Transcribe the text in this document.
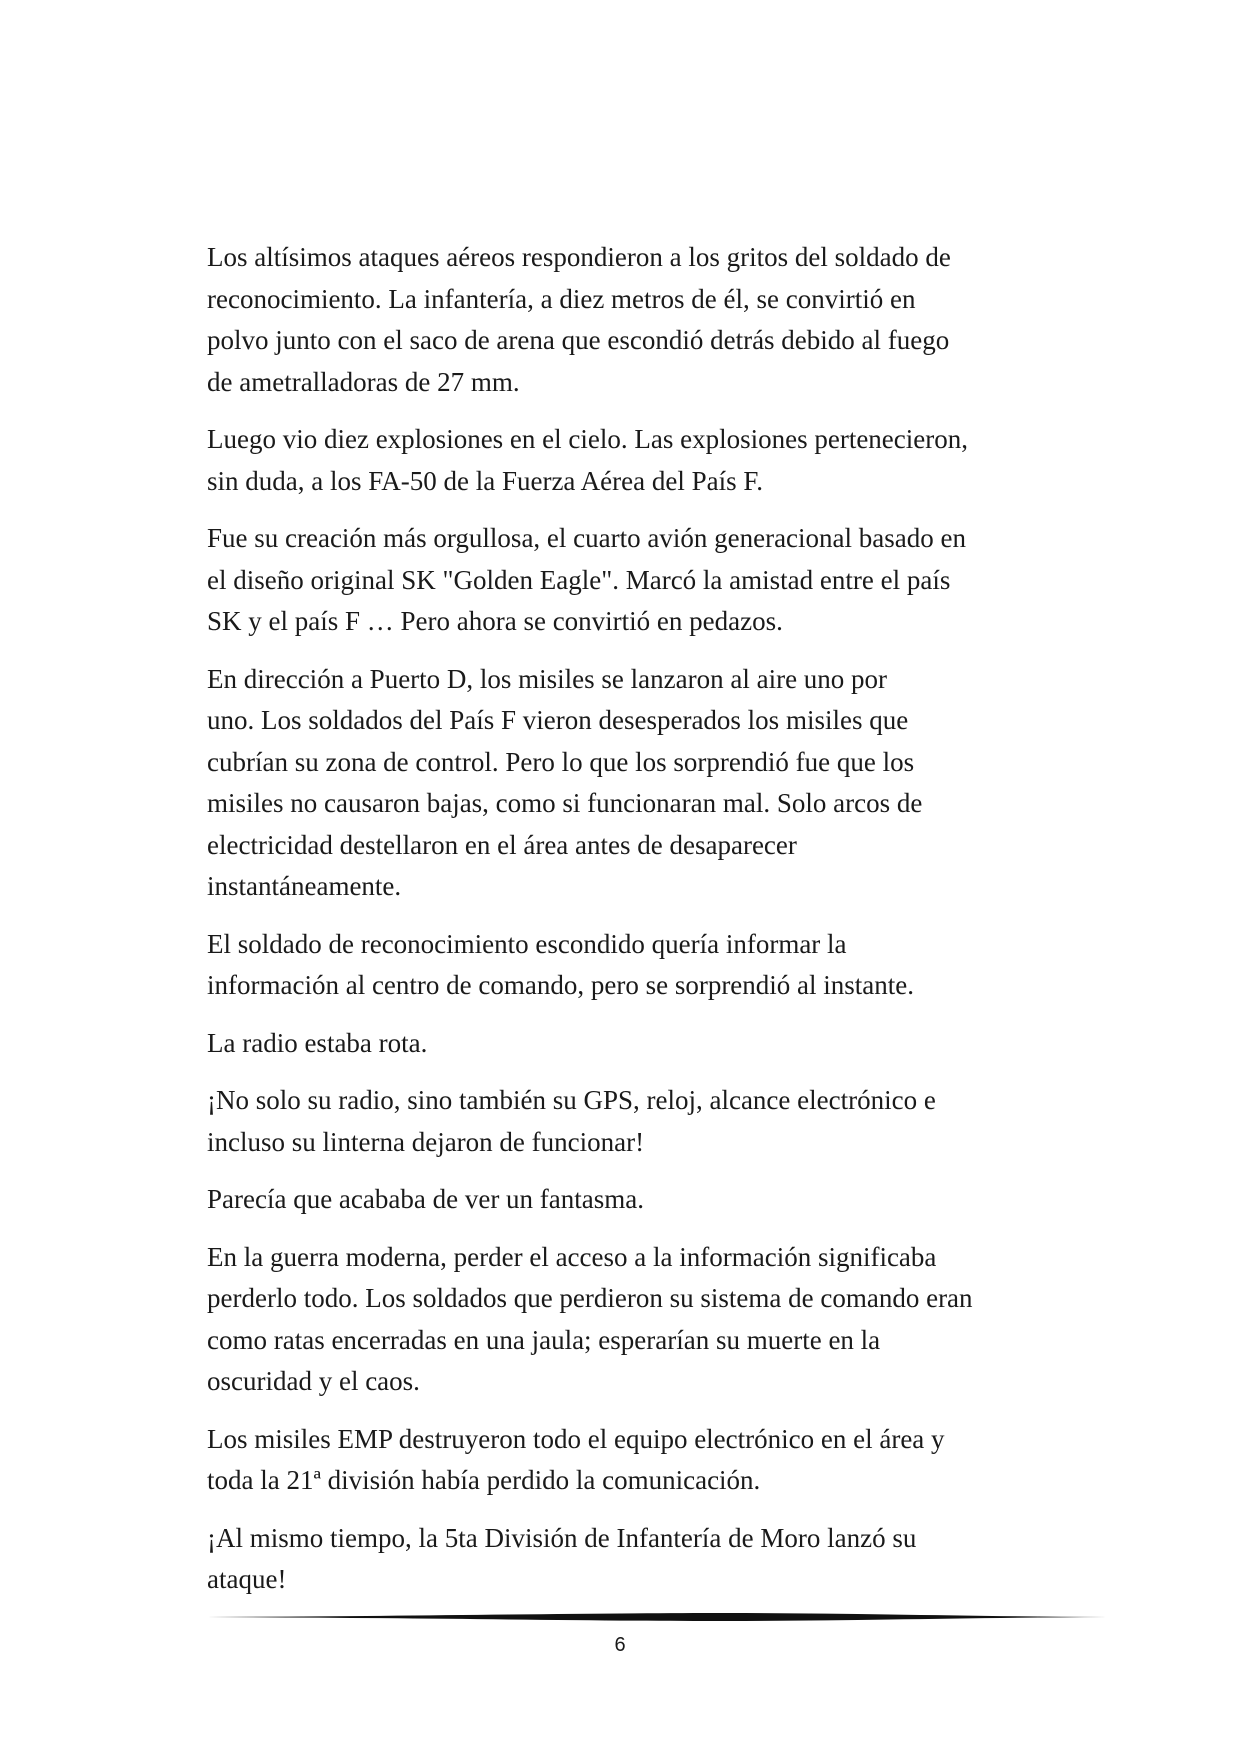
Los altísimos ataques aéreos respondieron a los gritos del soldado de
reconocimiento. La infantería, a diez metros de él, se convirtió en
polvo junto con el saco de arena que escondió detrás debido al fuego
de ametralladoras de 27 mm.

Luego vio diez explosiones en el cielo. Las explosiones pertenecieron,
sin duda, a los FA-50 de la Fuerza Aérea del País F.

Fue su creación más orgullosa, el cuarto avión generacional basado en
el diseño original SK "Golden Eagle". Marcó la amistad entre el país
SK y el país F … Pero ahora se convirtió en pedazos.

En dirección a Puerto D, los misiles se lanzaron al aire uno por
uno. Los soldados del País F vieron desesperados los misiles que
cubrían su zona de control. Pero lo que los sorprendió fue que los
misiles no causaron bajas, como si funcionaran mal. Solo arcos de
electricidad destellaron en el área antes de desaparecer
instantáneamente.

El soldado de reconocimiento escondido quería informar la
información al centro de comando, pero se sorprendió al instante.

La radio estaba rota.

¡No solo su radio, sino también su GPS, reloj, alcance electrónico e
incluso su linterna dejaron de funcionar!

Parecía que acababa de ver un fantasma.

En la guerra moderna, perder el acceso a la información significaba
perderlo todo. Los soldados que perdieron su sistema de comando eran
como ratas encerradas en una jaula; esperarían su muerte en la
oscuridad y el caos.

Los misiles EMP destruyeron todo el equipo electrónico en el área y
toda la 21ª división había perdido la comunicación.

¡Al mismo tiempo, la 5ta División de Infantería de Moro lanzó su
ataque!

6
